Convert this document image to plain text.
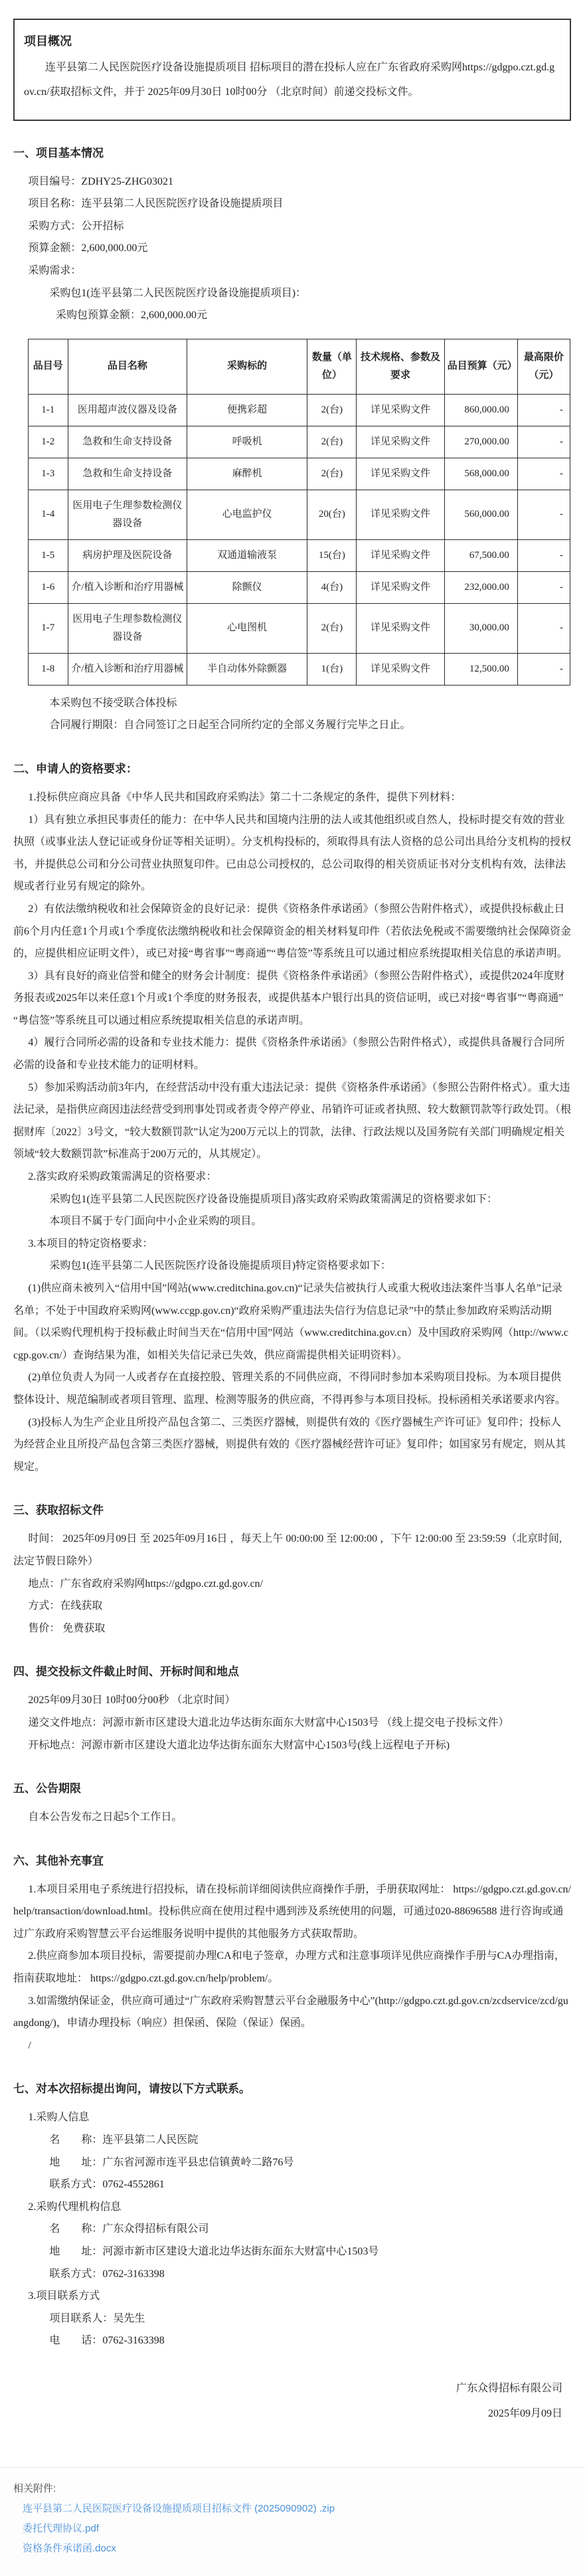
项目概况

连平县第二人民医院医疗设备设施提质项目 招标项目的潜在投标人应在广东省政府采购网https://gdgpo.czt.gd.gov.cn/获取招标文件，并于 2025年09月30日 10时00分 （北京时间）前递交投标文件。

一、项目基本情况

项目编号：ZDHY25-ZHG03021

项目名称：连平县第二人民医院医疗设备设施提质项目

采购方式：公开招标

预算金额：2,600,000.00元

采购需求：

采购包1(连平县第二人民医院医疗设备设施提质项目)：

采购包预算金额：2,600,000.00元

品目号	品目名称	采购标的	数量（单位）	技术规格、参数及要求	品目预算（元）	最高限价（元）
1-1	医用超声波仪器及设备	便携彩超	2(台)	详见采购文件	860,000.00	-
1-2	急救和生命支持设备	呼吸机	2(台)	详见采购文件	270,000.00	-
1-3	急救和生命支持设备	麻醉机	2(台)	详见采购文件	568,000.00	-
1-4	医用电子生理参数检测仪器设备	心电监护仪	20(台)	详见采购文件	560,000.00	-
1-5	病房护理及医院设备	双通道输液泵	15(台)	详见采购文件	67,500.00	-
1-6	介/植入诊断和治疗用器械	除颤仪	4(台)	详见采购文件	232,000.00	-
1-7	医用电子生理参数检测仪器设备	心电图机	2(台)	详见采购文件	30,000.00	-
1-8	介/植入诊断和治疗用器械	半自动体外除颤器	1(台)	详见采购文件	12,500.00	-

本采购包不接受联合体投标

合同履行期限：自合同签订之日起至合同所约定的全部义务履行完毕之日止。

二、申请人的资格要求：

1.投标供应商应具备《中华人民共和国政府采购法》第二十二条规定的条件，提供下列材料：

1）具有独立承担民事责任的能力：在中华人民共和国境内注册的法人或其他组织或自然人，投标时提交有效的营业执照（或事业法人登记证或身份证等相关证明）。分支机构投标的，须取得具有法人资格的总公司出具给分支机构的授权书，并提供总公司和分公司营业执照复印件。已由总公司授权的，总公司取得的相关资质证书对分支机构有效，法律法规或者行业另有规定的除外。

2）有依法缴纳税收和社会保障资金的良好记录：提供《资格条件承诺函》（参照公告附件格式），或提供投标截止日前6个月内任意1个月或1个季度依法缴纳税收和社会保障资金的相关材料复印件（若依法免税或不需要缴纳社会保障资金的，应提供相应证明文件），或已对接“粤省事”“粤商通”“粤信签”等系统且可以通过相应系统提取相关信息的承诺声明。

3）具有良好的商业信誉和健全的财务会计制度：提供《资格条件承诺函》（参照公告附件格式），或提供2024年度财务报表或2025年以来任意1个月或1个季度的财务报表，或提供基本户银行出具的资信证明，或已对接“粤省事”“粤商通”“粤信签”等系统且可以通过相应系统提取相关信息的承诺声明。

4）履行合同所必需的设备和专业技术能力：提供《资格条件承诺函》（参照公告附件格式），或提供具备履行合同所必需的设备和专业技术能力的证明材料。

5）参加采购活动前3年内，在经营活动中没有重大违法记录：提供《资格条件承诺函》（参照公告附件格式）。重大违法记录，是指供应商因违法经营受到刑事处罚或者责令停产停业、吊销许可证或者执照、较大数额罚款等行政处罚。（根据财库〔2022〕3号文，“较大数额罚款”认定为200万元以上的罚款，法律、行政法规以及国务院有关部门明确规定相关领域“较大数额罚款”标准高于200万元的，从其规定）。

2.落实政府采购政策需满足的资格要求：

采购包1(连平县第二人民医院医疗设备设施提质项目)落实政府采购政策需满足的资格要求如下：

本项目不属于专门面向中小企业采购的项目。

3.本项目的特定资格要求：

采购包1(连平县第二人民医院医疗设备设施提质项目)特定资格要求如下：

(1)供应商未被列入“信用中国”网站(www.creditchina.gov.cn)“记录失信被执行人或重大税收违法案件当事人名单”记录名单；不处于中国政府采购网(www.ccgp.gov.cn)“政府采购严重违法失信行为信息记录”中的禁止参加政府采购活动期间。（以采购代理机构于投标截止时间当天在“信用中国”网站（www.creditchina.gov.cn）及中国政府采购网（http://www.ccgp.gov.cn/）查询结果为准，如相关失信记录已失效，供应商需提供相关证明资料）。

(2)单位负责人为同一人或者存在直接控股、管理关系的不同供应商，不得同时参加本采购项目投标。为本项目提供整体设计、规范编制或者项目管理、监理、检测等服务的供应商，不得再参与本项目投标。投标函相关承诺要求内容。

(3)投标人为生产企业且所投产品包含第二、三类医疗器械，则提供有效的《医疗器械生产许可证》复印件；投标人为经营企业且所投产品包含第三类医疗器械，则提供有效的《医疗器械经营许可证》复印件；如国家另有规定，则从其规定。

三、获取招标文件

时间： 2025年09月09日 至 2025年09月16日 ，每天上午 00:00:00 至 12:00:00 ，下午 12:00:00 至 23:59:59（北京时间,法定节假日除外）

地点：广东省政府采购网https://gdgpo.czt.gd.gov.cn/

方式：在线获取

售价： 免费获取

四、提交投标文件截止时间、开标时间和地点

2025年09月30日 10时00分00秒 （北京时间）

递交文件地点：河源市新市区建设大道北边华达街东面东大财富中心1503号 （线上提交电子投标文件）

开标地点：河源市新市区建设大道北边华达街东面东大财富中心1503号(线上远程电子开标)

五、公告期限

自本公告发布之日起5个工作日。

六、其他补充事宜

1.本项目采用电子系统进行招投标，请在投标前详细阅读供应商操作手册，手册获取网址： https://gdgpo.czt.gd.gov.cn/help/transaction/download.html。投标供应商在使用过程中遇到涉及系统使用的问题，可通过020-88696588 进行咨询或通过广东政府采购智慧云平台运维服务说明中提供的其他服务方式获取帮助。

2.供应商参加本项目投标，需要提前办理CA和电子签章，办理方式和注意事项详见供应商操作手册与CA办理指南，指南获取地址： https://gdgpo.czt.gd.gov.cn/help/problem/。

3.如需缴纳保证金，供应商可通过“广东政府采购智慧云平台金融服务中心”(http://gdgpo.czt.gd.gov.cn/zcdservice/zcd/guangdong/)，申请办理投标（响应）担保函、保险（保证）保函。

/

七、对本次招标提出询问，请按以下方式联系。

1.采购人信息

名　　称：连平县第二人民医院

地　　址：广东省河源市连平县忠信镇黄岭二路76号

联系方式：0762-4552861

2.采购代理机构信息

名　　称：广东众得招标有限公司

地　　址：河源市新市区建设大道北边华达街东面东大财富中心1503号

联系方式：0762-3163398

3.项目联系方式

项目联系人：吴先生

电　　话：0762-3163398

广东众得招标有限公司

2025年09月09日

相关附件:

连平县第二人民医院医疗设备设施提质项目招标文件 (2025090902) .zip
委托代理协议.pdf
资格条件承诺函.docx
